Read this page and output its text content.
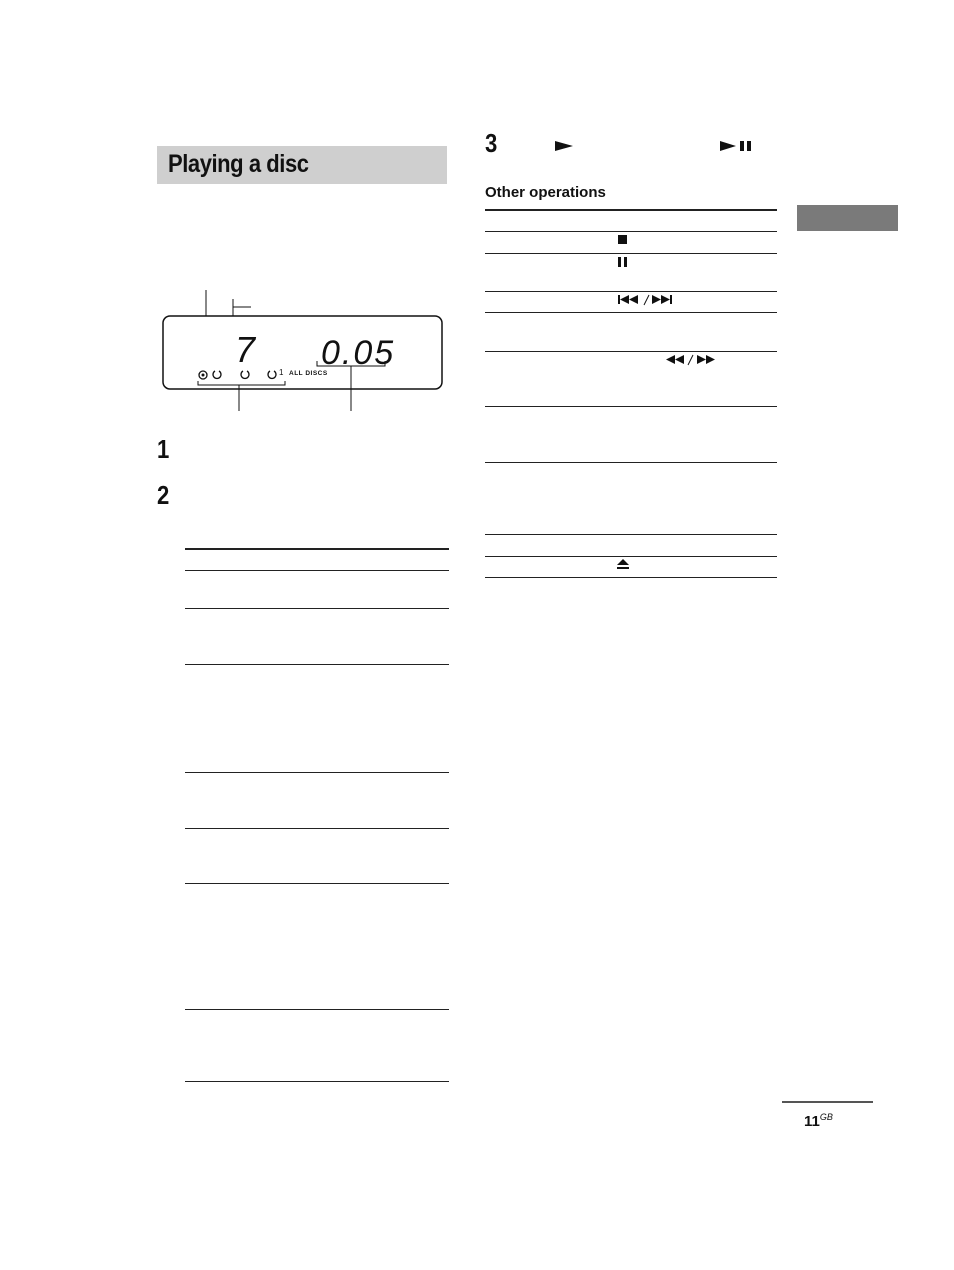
Playing a disc
7 0.05
1 ALL DISCS
1
2
3
Other operations
$11^{GB}$
